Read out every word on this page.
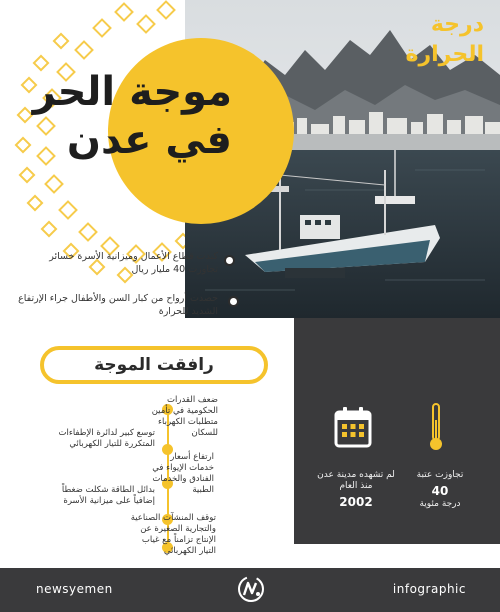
موجة الحر
في عدن

كبدت قطاع الأعمال وميزانية الأسرة خسائر تجاوزت 40 مليار ريال

حصدت أرواح من كبار السن والأطفال جراء الإرتفاع الشديد للحرارة

درجة
الحرارة
لم تشهده مدينة عدن منذ العام
2002
تجاوزت عتبة
40
درجة مئوية
رافقت الموجة

ضعف القدرات الحكومية في تأمين متطلبات الكهرباء للسكان

ارتفاع أسعار خدمات الإيواء في الفنادق والخدمات الطبية

توقف المنشآت الصناعية والتجارية الصغيرة عن الإنتاج تزامناً مع غياب التيار الكهربائي

توسع كبير لدائرة الإطفاءات المتكررة للتيار الكهربائي

بدائل الطاقة شكلت ضغطاً إضافياً على ميزانية الأسرة

newsyemen	infographic
